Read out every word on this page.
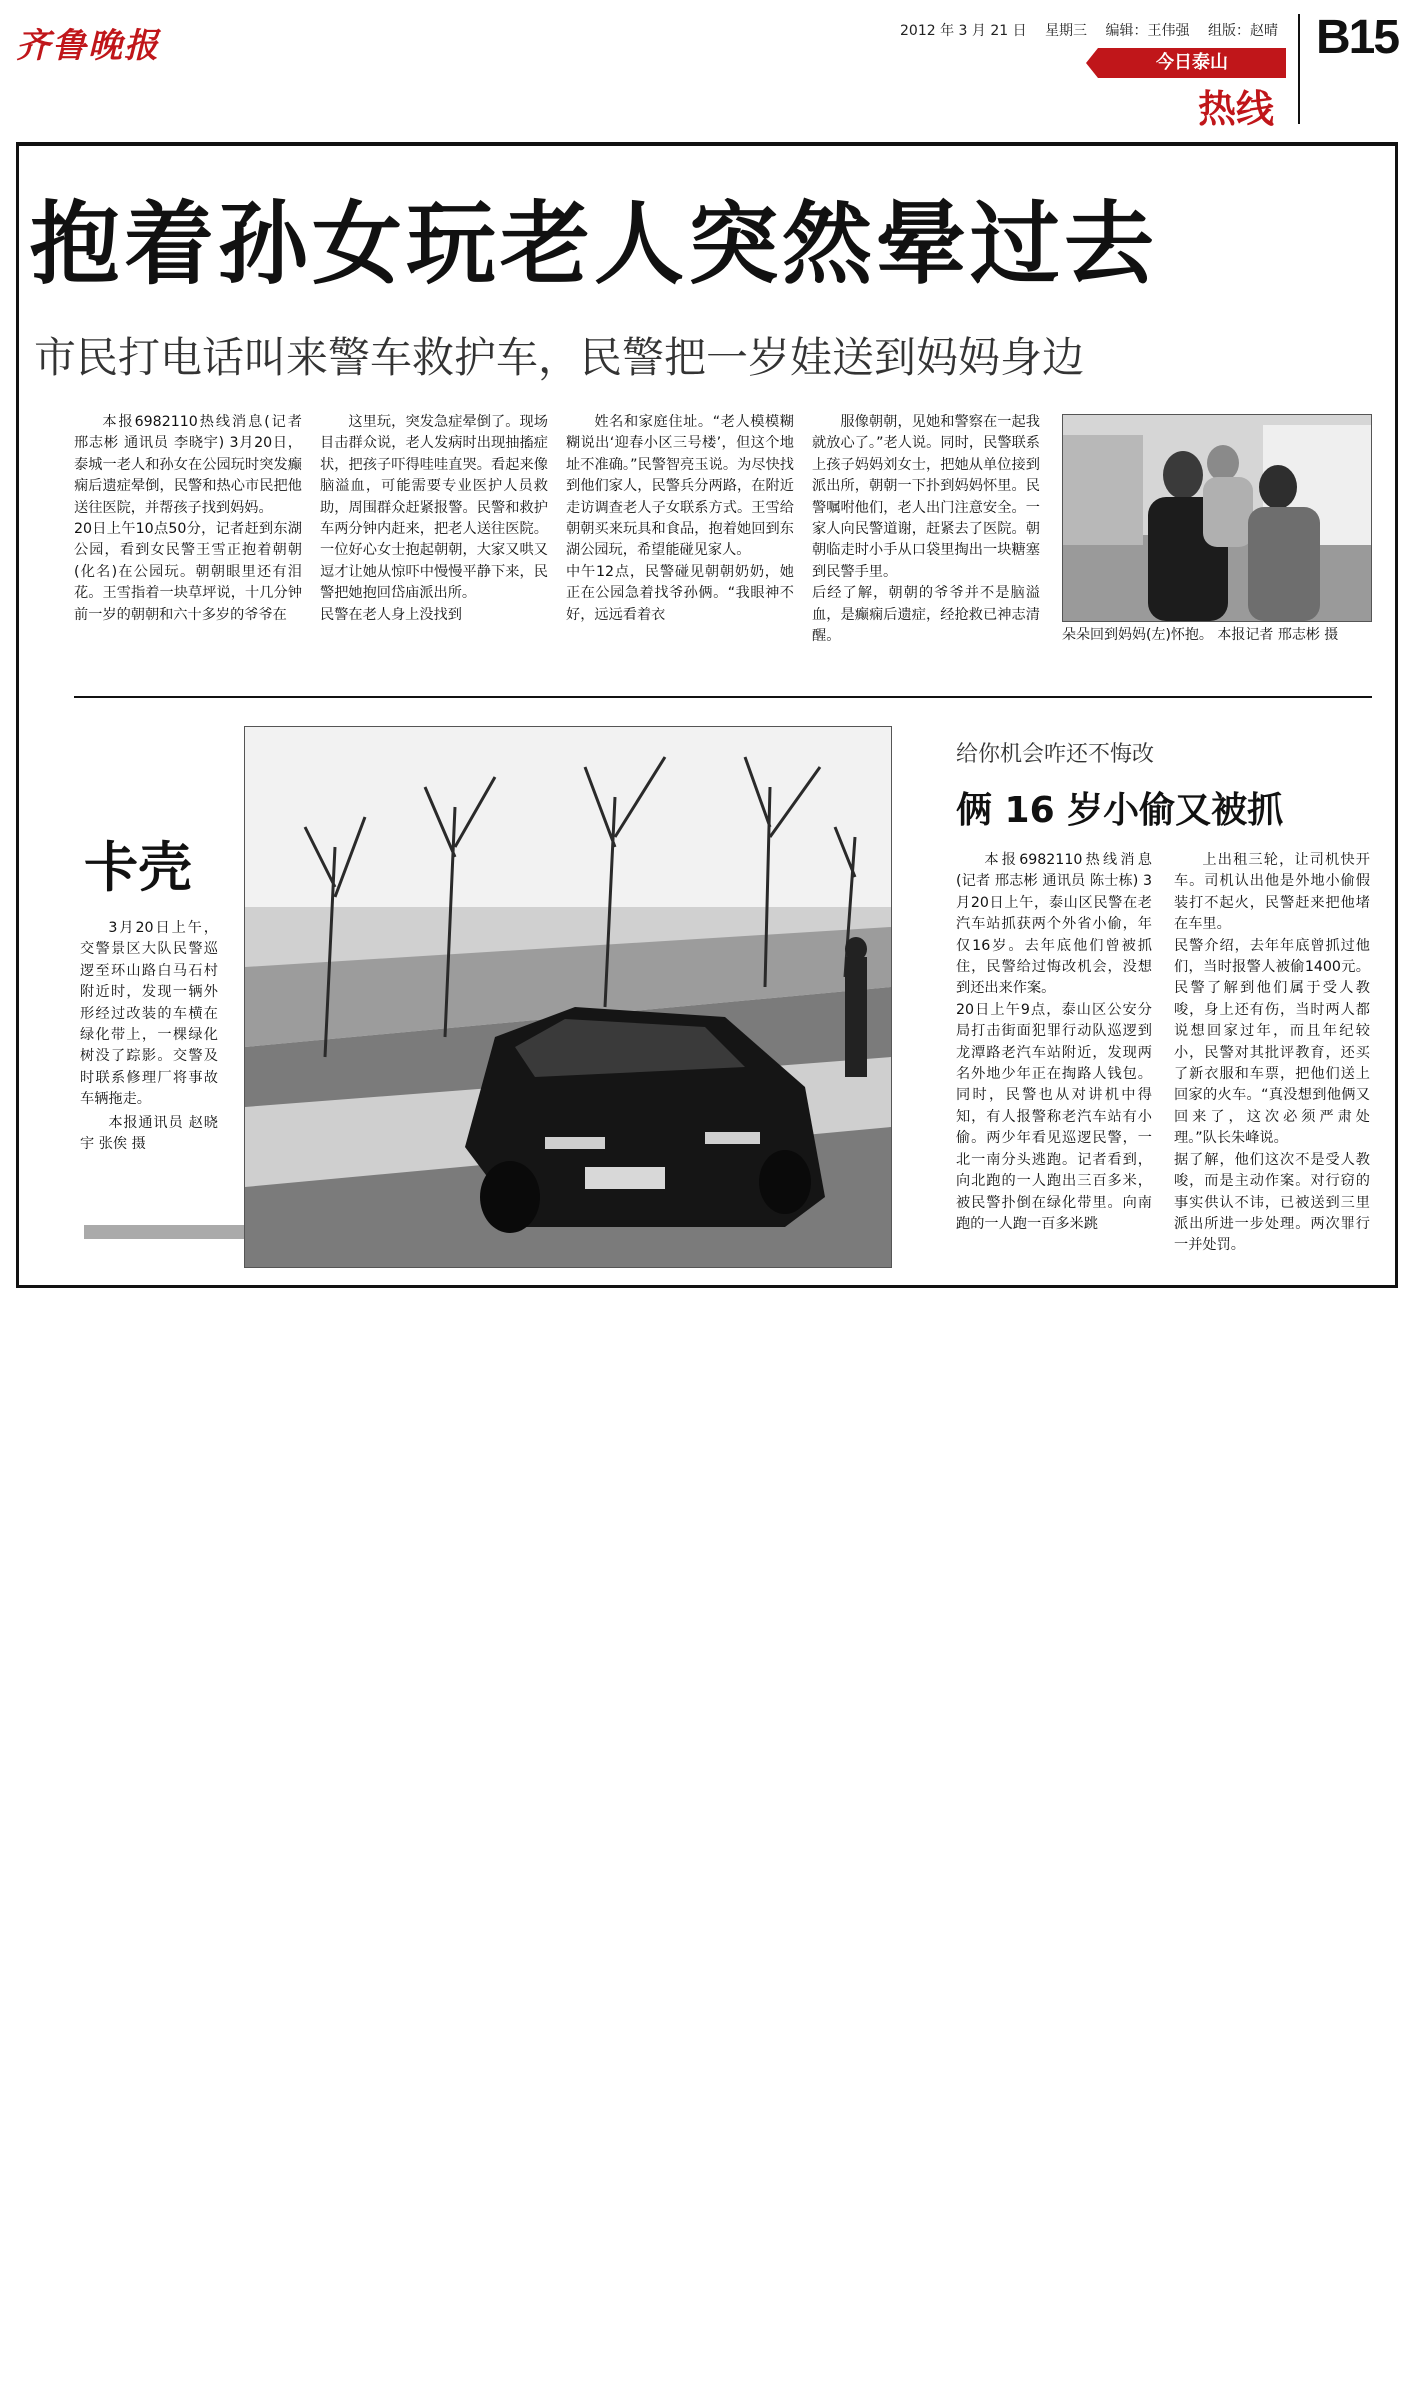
齐鲁晚报	2012 年 3 月 21 日 星期三 编辑：王伟强 组版：赵晴
今日泰山
热线
B15
抱着孙女玩老人突然晕过去
市民打电话叫来警车救护车，民警把一岁娃送到妈妈身边
本报6982110热线消息(记者 邢志彬 通讯员 李晓宇) 3月20日，泰城一老人和孙女在公园玩时突发癫痫后遗症晕倒，民警和热心市民把他送往医院，并帮孩子找到妈妈。
20日上午10点50分，记者赶到东湖公园，看到女民警王雪正抱着朝朝(化名)在公园玩。朝朝眼里还有泪花。王雪指着一块草坪说，十几分钟前一岁的朝朝和六十多岁的爷爷在
这里玩，突发急症晕倒了。现场目击群众说，老人发病时出现抽搐症状，把孩子吓得哇哇直哭。看起来像脑溢血，可能需要专业医护人员救助，周围群众赶紧报警。民警和救护车两分钟内赶来，把老人送往医院。一位好心女士抱起朝朝，大家又哄又逗才让她从惊吓中慢慢平静下来，民警把她抱回岱庙派出所。
民警在老人身上没找到
姓名和家庭住址。“老人模模糊糊说出‘迎春小区三号楼’，但这个地址不准确。”民警智亮玉说。为尽快找到他们家人，民警兵分两路，在附近走访调查老人子女联系方式。王雪给朝朝买来玩具和食品，抱着她回到东湖公园玩，希望能碰见家人。
中午12点，民警碰见朝朝奶奶，她正在公园急着找爷孙俩。“我眼神不好，远远看着衣
服像朝朝，见她和警察在一起我就放心了。”老人说。同时，民警联系上孩子妈妈刘女士，把她从单位接到派出所，朝朝一下扑到妈妈怀里。民警嘱咐他们，老人出门注意安全。一家人向民警道谢，赶紧去了医院。朝朝临走时小手从口袋里掏出一块糖塞到民警手里。
后经了解，朝朝的爷爷并不是脑溢血，是癫痫后遗症，经抢救已神志清醒。	朵朵回到妈妈(左)怀抱。 本报记者 邢志彬 摄
卡壳

3月20日上午，交警景区大队民警巡逻至环山路白马石村附近时，发现一辆外形经过改装的车横在绿化带上，一棵绿化树没了踪影。交警及时联系修理厂将事故车辆拖走。

本报通讯员 赵晓宇 张俟 摄

给你机会咋还不悔改
俩 16 岁小偷又被抓
本报6982110热线消息(记者 邢志彬 通讯员 陈士栋) 3月20日上午，泰山区民警在老汽车站抓获两个外省小偷，年仅16岁。去年底他们曾被抓住，民警给过悔改机会，没想到还出来作案。
20日上午9点，泰山区公安分局打击街面犯罪行动队巡逻到龙潭路老汽车站附近，发现两名外地少年正在掏路人钱包。同时，民警也从对讲机中得知，有人报警称老汽车站有小偷。两少年看见巡逻民警，一北一南分头逃跑。记者看到，向北跑的一人跑出三百多米，被民警扑倒在绿化带里。向南跑的一人跑一百多米跳
上出租三轮，让司机快开车。司机认出他是外地小偷假装打不起火，民警赶来把他堵在车里。
民警介绍，去年年底曾抓过他们，当时报警人被偷1400元。民警了解到他们属于受人教唆，身上还有伤，当时两人都说想回家过年，而且年纪较小，民警对其批评教育，还买了新衣服和车票，把他们送上回家的火车。“真没想到他俩又回来了，这次必须严肃处理。”队长朱峰说。
据了解，他们这次不是受人教唆，而是主动作案。对行窃的事实供认不讳，已被送到三里派出所进一步处理。两次罪行一并处罚。
